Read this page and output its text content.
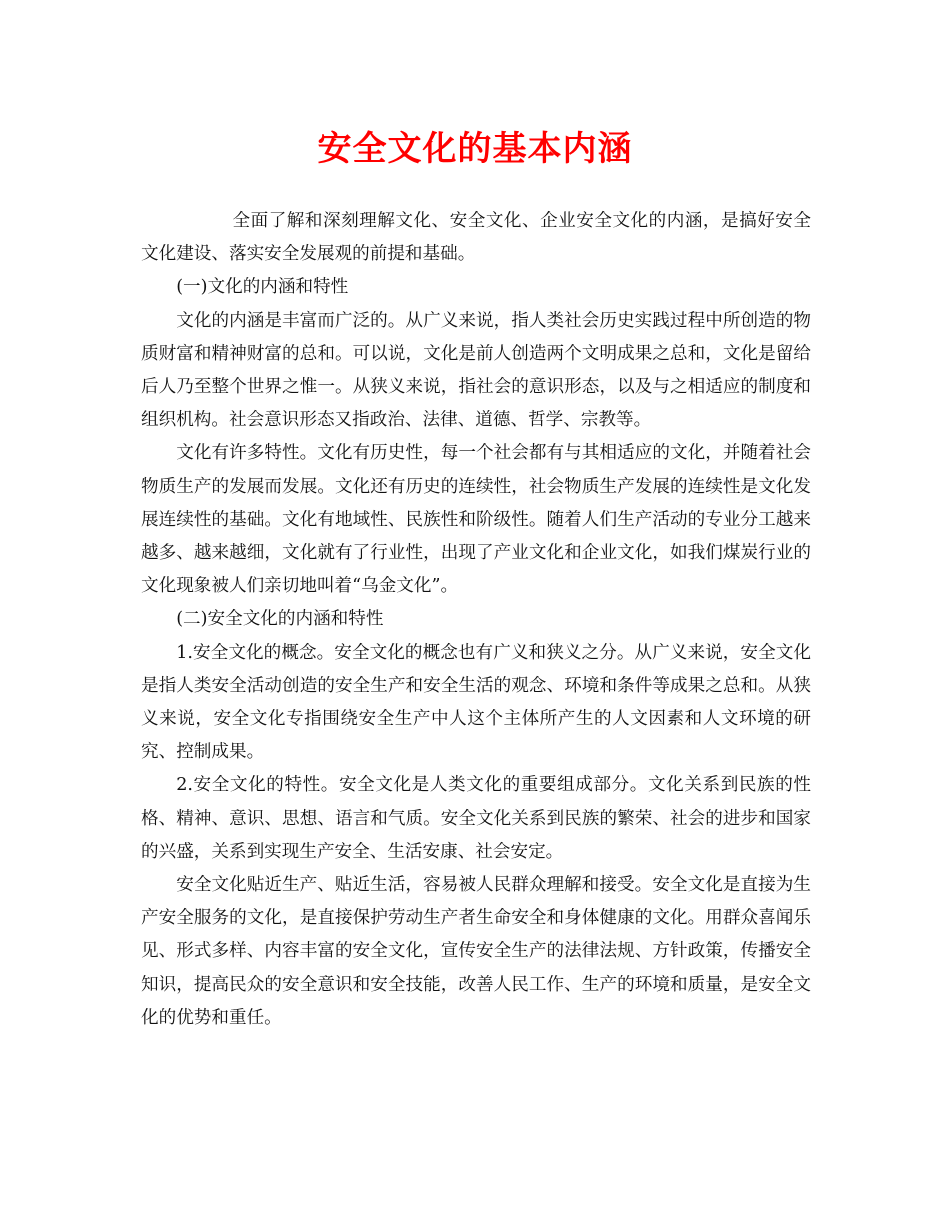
安全文化的基本内涵

全面了解和深刻理解文化、安全文化、企业安全文化的内涵，是搞好安全文化建设、落实安全发展观的前提和基础。

(一)文化的内涵和特性

文化的内涵是丰富而广泛的。从广义来说，指人类社会历史实践过程中所创造的物质财富和精神财富的总和。可以说，文化是前人创造两个文明成果之总和，文化是留给后人乃至整个世界之惟一。从狭义来说，指社会的意识形态，以及与之相适应的制度和组织机构。社会意识形态又指政治、法律、道德、哲学、宗教等。

文化有许多特性。文化有历史性，每一个社会都有与其相适应的文化，并随着社会物质生产的发展而发展。文化还有历史的连续性，社会物质生产发展的连续性是文化发展连续性的基础。文化有地域性、民族性和阶级性。随着人们生产活动的专业分工越来越多、越来越细，文化就有了行业性，出现了产业文化和企业文化，如我们煤炭行业的文化现象被人们亲切地叫着“乌金文化”。

(二)安全文化的内涵和特性

1.安全文化的概念。安全文化的概念也有广义和狭义之分。从广义来说，安全文化是指人类安全活动创造的安全生产和安全生活的观念、环境和条件等成果之总和。从狭义来说，安全文化专指围绕安全生产中人这个主体所产生的人文因素和人文环境的研究、控制成果。

2.安全文化的特性。安全文化是人类文化的重要组成部分。文化关系到民族的性格、精神、意识、思想、语言和气质。安全文化关系到民族的繁荣、社会的进步和国家的兴盛，关系到实现生产安全、生活安康、社会安定。

安全文化贴近生产、贴近生活，容易被人民群众理解和接受。安全文化是直接为生产安全服务的文化，是直接保护劳动生产者生命安全和身体健康的文化。用群众喜闻乐见、形式多样、内容丰富的安全文化，宣传安全生产的法律法规、方针政策，传播安全知识，提高民众的安全意识和安全技能，改善人民工作、生产的环境和质量，是安全文化的优势和重任。
